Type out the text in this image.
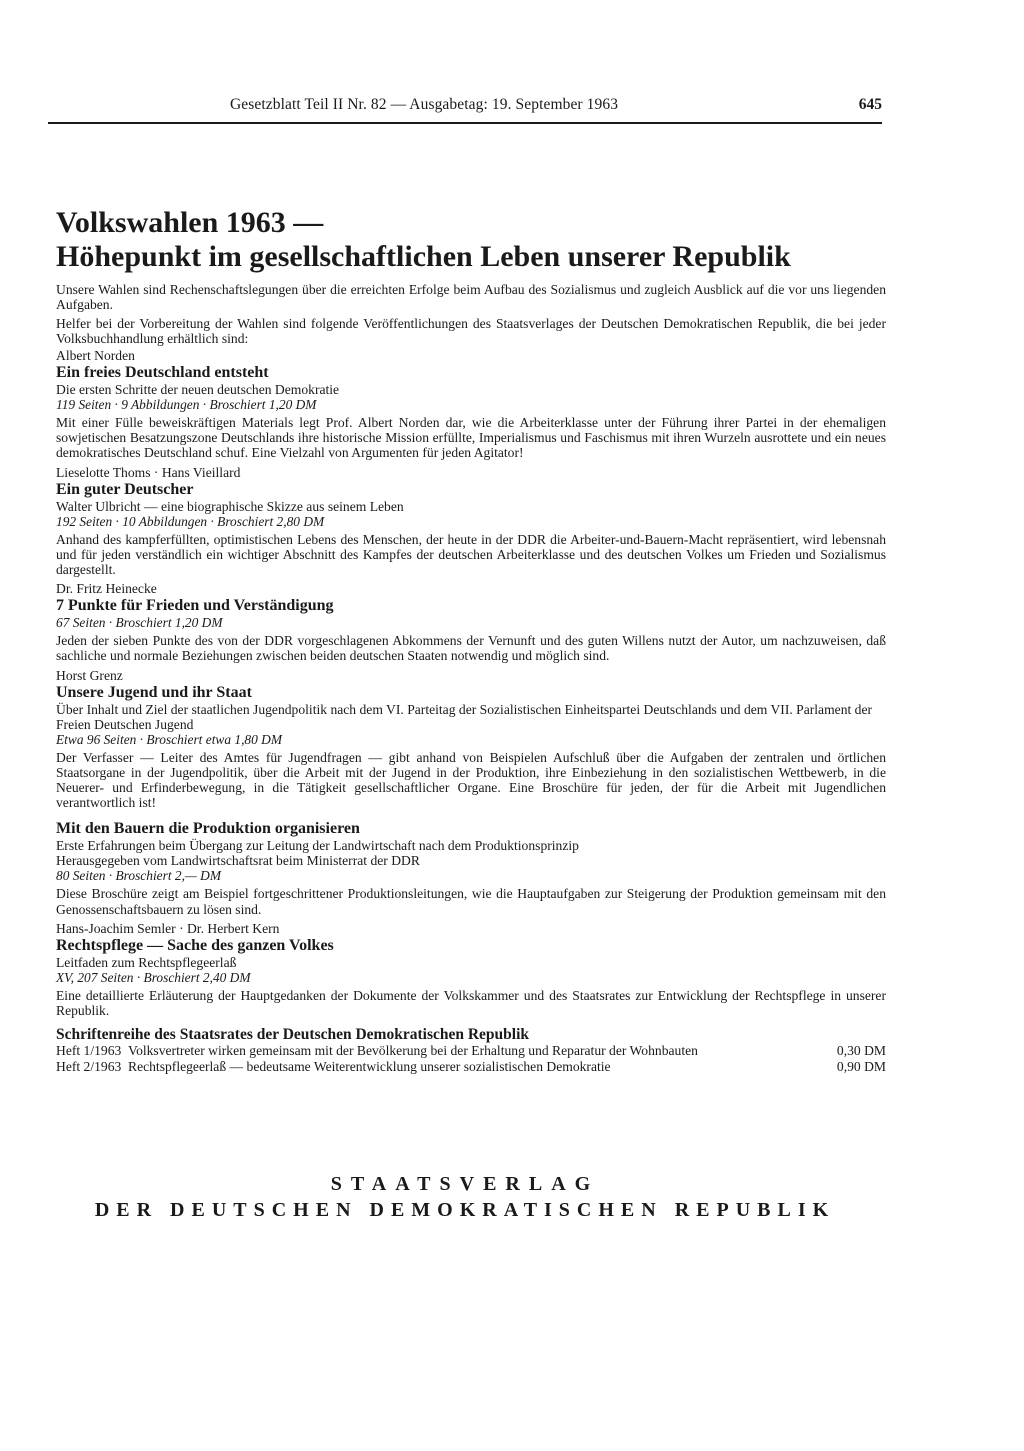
Gesetzblatt Teil II Nr. 82 — Ausgabetag: 19. September 1963	645
Volkswahlen 1963 —
Höhepunkt im gesellschaftlichen Leben unserer Republik

Unsere Wahlen sind Rechenschaftslegungen über die erreichten Erfolge beim Aufbau des Sozialismus und zugleich Ausblick auf die vor uns liegenden Aufgaben.

Helfer bei der Vorbereitung der Wahlen sind folgende Veröffentlichungen des Staatsverlages der Deutschen Demokratischen Republik, die bei jeder Volksbuchhandlung erhältlich sind:

Albert Norden
Ein freies Deutschland entsteht
Die ersten Schritte der neuen deutschen Demokratie
119 Seiten · 9 Abbildungen · Broschiert 1,20 DM
Mit einer Fülle beweiskräftigen Materials legt Prof. Albert Norden dar, wie die Arbeiterklasse unter der Führung ihrer Partei in der ehemaligen sowjetischen Besatzungszone Deutschlands ihre historische Mission erfüllte, Imperialismus und Faschismus mit ihren Wurzeln ausrottete und ein neues demokratisches Deutschland schuf. Eine Vielzahl von Argumenten für jeden Agitator!
Lieselotte Thoms · Hans Vieillard
Ein guter Deutscher
Walter Ulbricht — eine biographische Skizze aus seinem Leben
192 Seiten · 10 Abbildungen · Broschiert 2,80 DM
Anhand des kampferfüllten, optimistischen Lebens des Menschen, der heute in der DDR die Arbeiter-und-Bauern-Macht repräsentiert, wird lebensnah und für jeden verständlich ein wichtiger Abschnitt des Kampfes der deutschen Arbeiterklasse und des deutschen Volkes um Frieden und Sozialismus dargestellt.
Dr. Fritz Heinecke
7 Punkte für Frieden und Verständigung
67 Seiten · Broschiert 1,20 DM
Jeden der sieben Punkte des von der DDR vorgeschlagenen Abkommens der Vernunft und des guten Willens nutzt der Autor, um nachzuweisen, daß sachliche und normale Beziehungen zwischen beiden deutschen Staaten notwendig und möglich sind.
Horst Grenz
Unsere Jugend und ihr Staat
Über Inhalt und Ziel der staatlichen Jugendpolitik nach dem VI. Parteitag der Sozialistischen Einheitspartei Deutschlands und dem VII. Parlament der Freien Deutschen Jugend
Etwa 96 Seiten · Broschiert etwa 1,80 DM
Der Verfasser — Leiter des Amtes für Jugendfragen — gibt anhand von Beispielen Aufschluß über die Aufgaben der zentralen und örtlichen Staatsorgane in der Jugendpolitik, über die Arbeit mit der Jugend in der Produktion, ihre Einbeziehung in den sozialistischen Wettbewerb, in die Neuerer- und Erfinderbewegung, in die Tätigkeit gesellschaftlicher Organe. Eine Broschüre für jeden, der für die Arbeit mit Jugendlichen verantwortlich ist!
Mit den Bauern die Produktion organisieren
Erste Erfahrungen beim Übergang zur Leitung der Landwirtschaft nach dem Produktionsprinzip
Herausgegeben vom Landwirtschaftsrat beim Ministerrat der DDR
80 Seiten · Broschiert 2,— DM
Diese Broschüre zeigt am Beispiel fortgeschrittener Produktionsleitungen, wie die Hauptaufgaben zur Steigerung der Produktion gemeinsam mit den Genossenschaftsbauern zu lösen sind.
Hans-Joachim Semler · Dr. Herbert Kern
Rechtspflege — Sache des ganzen Volkes
Leitfaden zum Rechtspflegeerlaß
XV, 207 Seiten · Broschiert 2,40 DM
Eine detaillierte Erläuterung der Hauptgedanken der Dokumente der Volkskammer und des Staatsrates zur Entwicklung der Rechtspflege in unserer Republik.
Schriftenreihe des Staatsrates der Deutschen Demokratischen Republik
Heft 1/1963 Volksvertreter wirken gemeinsam mit der Bevölkerung bei der Erhaltung und Reparatur der Wohnbauten	0,30 DM
Heft 2/1963 Rechtspflegeerlaß — bedeutsame Weiterentwicklung unserer sozialistischen Demokratie	0,90 DM
STAATSVERLAG
DER DEUTSCHEN DEMOKRATISCHEN REPUBLIK
